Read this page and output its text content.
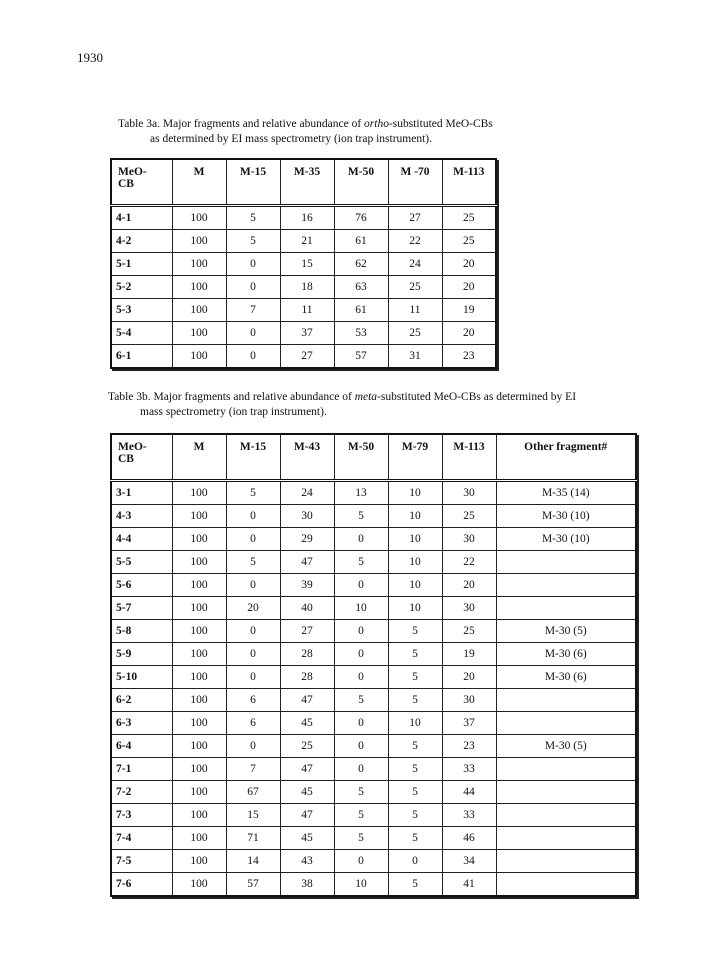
1930
Table 3a. Major fragments and relative abundance of ortho-substituted MeO-CBs
as determined by EI mass spectrometry (ion trap instrument).
MeO-
CB	M	M-15	M-35	M-50	M -70	M-113
4-1	100	5	16	76	27	25
4-2	100	5	21	61	22	25
5-1	100	0	15	62	24	20
5-2	100	0	18	63	25	20
5-3	100	7	11	61	11	19
5-4	100	0	37	53	25	20
6-1	100	0	27	57	31	23
Table 3b. Major fragments and relative abundance of meta-substituted MeO-CBs as determined by EI
mass spectrometry (ion trap instrument).
MeO-
CB	M	M-15	M-43	M-50	M-79	M-113	Other fragment#
3-1	100	5	24	13	10	30	M-35 (14)
4-3	100	0	30	5	10	25	M-30 (10)
4-4	100	0	29	0	10	30	M-30 (10)
5-5	100	5	47	5	10	22	
5-6	100	0	39	0	10	20	
5-7	100	20	40	10	10	30	
5-8	100	0	27	0	5	25	M-30 (5)
5-9	100	0	28	0	5	19	M-30 (6)
5-10	100	0	28	0	5	20	M-30 (6)
6-2	100	6	47	5	5	30	
6-3	100	6	45	0	10	37	
6-4	100	0	25	0	5	23	M-30 (5)
7-1	100	7	47	0	5	33	
7-2	100	67	45	5	5	44	
7-3	100	15	47	5	5	33	
7-4	100	71	45	5	5	46	
7-5	100	14	43	0	0	34	
7-6	100	57	38	10	5	41	
